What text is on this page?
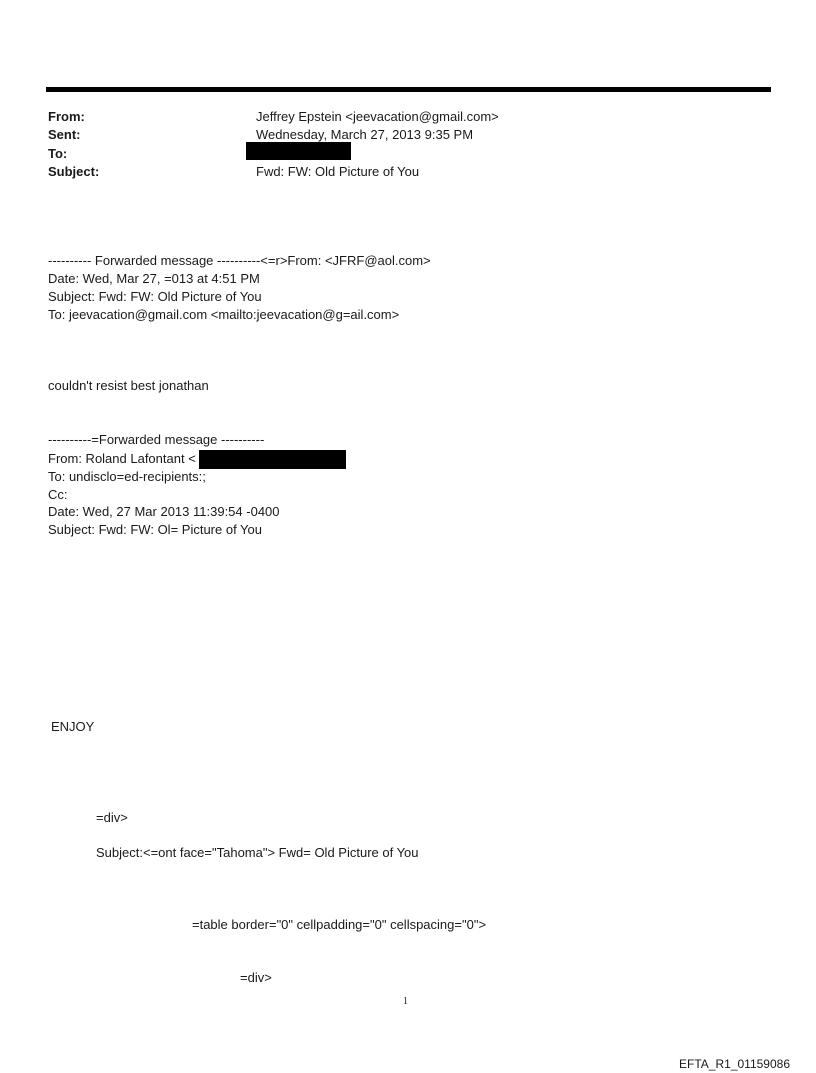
From:	Jeffrey Epstein <jeevacation@gmail.com>
Sent:	Wednesday, March 27, 2013 9:35 PM
To:
Subject:	Fwd: FW: Old Picture of You
---------- Forwarded message ----------<=r>From: <JFRF@aol.com>
Date: Wed, Mar 27, =013 at 4:51 PM
Subject: Fwd: FW: Old Picture of You
To: jeevacation@gmail.com <mailto:jeevacation@g=ail.com>
couldn't resist best jonathan
----------=Forwarded message ----------
From: Roland Lafontant <
To: undisclo=ed-recipients:;
Cc:
Date: Wed, 27 Mar 2013 11:39:54 -0400
Subject: Fwd: FW: Ol= Picture of You
ENJOY
=div>
Subject:<=ont face="Tahoma"> Fwd= Old Picture of You
=table border="0" cellpadding="0" cellspacing="0">
=div>
1
EFTA_R1_01159086
